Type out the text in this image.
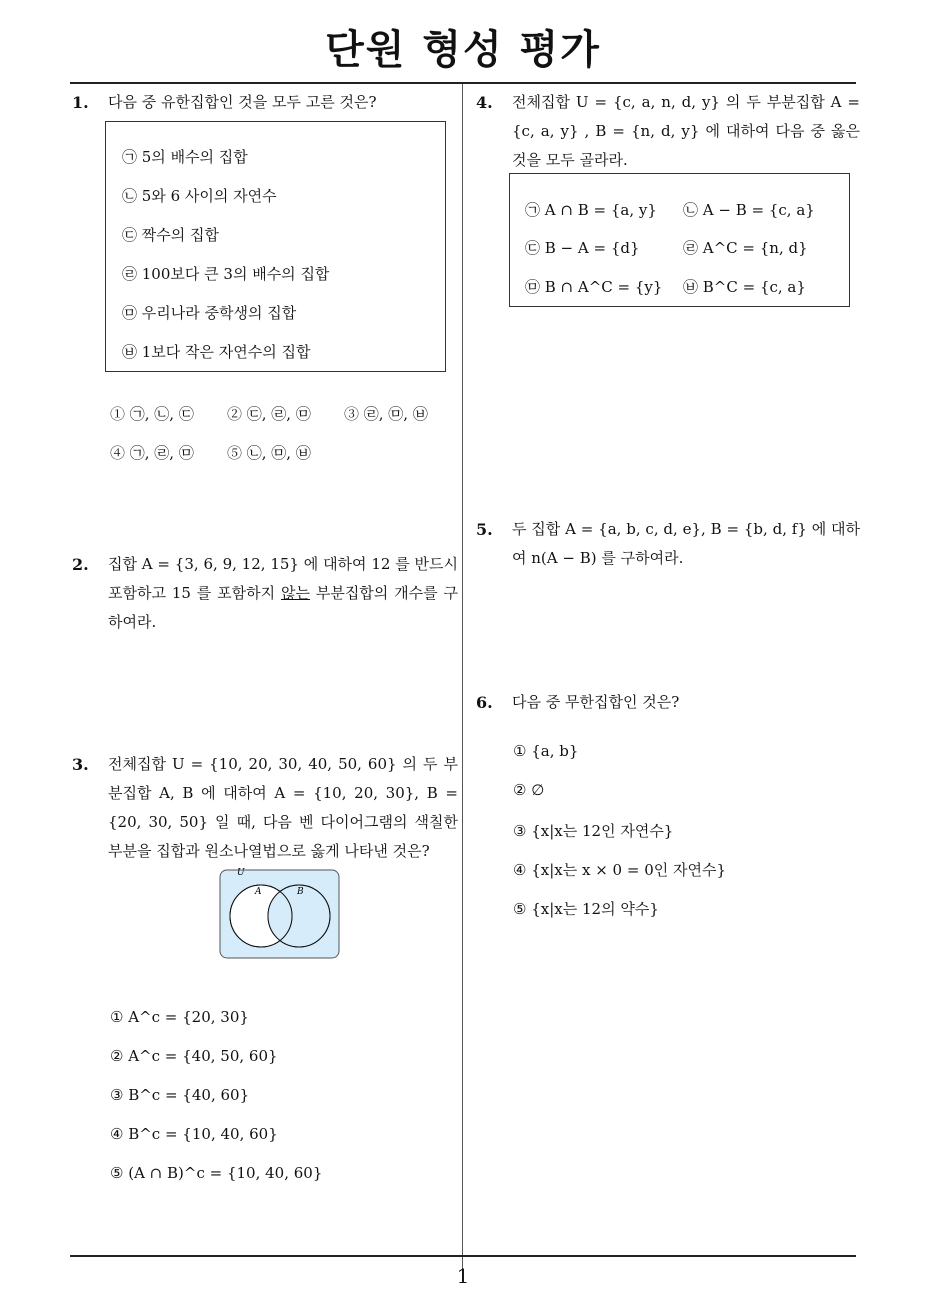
단원 형성 평가
1
1. 다음 중 유한집합인 것을 모두 고른 것은?
㉠ 5의 배수의 집합
㉡ 5와 6 사이의 자연수
㉢ 짝수의 집합
㉣ 100보다 큰 3의 배수의 집합
㉤ 우리나라 중학생의 집합
㉥ 1보다 작은 자연수의 집합
① ㉠, ㉡, ㉢ ② ㉢, ㉣, ㉤ ③ ㉣, ㉤, ㉥
④ ㉠, ㉣, ㉤ ⑤ ㉡, ㉤, ㉥
2. 집합 A = {3, 6, 9, 12, 15} 에 대하여 12 를 반드시 포함하고 15 를 포함하지 않는 부분집합의 개수를 구하여라.
3. 전체집합 U = {10, 20, 30, 40, 50, 60} 의 두 부분집합 A, B 에 대하여 A = {10, 20, 30}, B = {20, 30, 50} 일 때, 다음 벤 다이어그램의 색칠한 부분을 집합과 원소나열법으로 옳게 나타낸 것은?
U
A	B
① A^c = {20, 30}
② A^c = {40, 50, 60}
③ B^c = {40, 60}
④ B^c = {10, 40, 60}
⑤ (A ∩ B)^c = {10, 40, 60}
4. 전체집합 U = {c, a, n, d, y} 의 두 부분집합 A = {c, a, y} , B = {n, d, y} 에 대하여 다음 중 옳은 것을 모두 골라라.
㉠ A ∩ B = {a, y} ㉡ A − B = {c, a}
㉢ B − A = {d}	㉣ A^C = {n, d}
㉤ B ∩ A^C = {y} ㉥ B^C = {c, a}
5. 두 집합 A = {a, b, c, d, e}, B = {b, d, f} 에 대하여 n(A − B) 를 구하여라.
6. 다음 중 무한집합인 것은?
① {a, b}
② ∅
③ {x|x는 12인 자연수}
④ {x|x는 x × 0 = 0인 자연수}
⑤ {x|x는 12의 약수}
